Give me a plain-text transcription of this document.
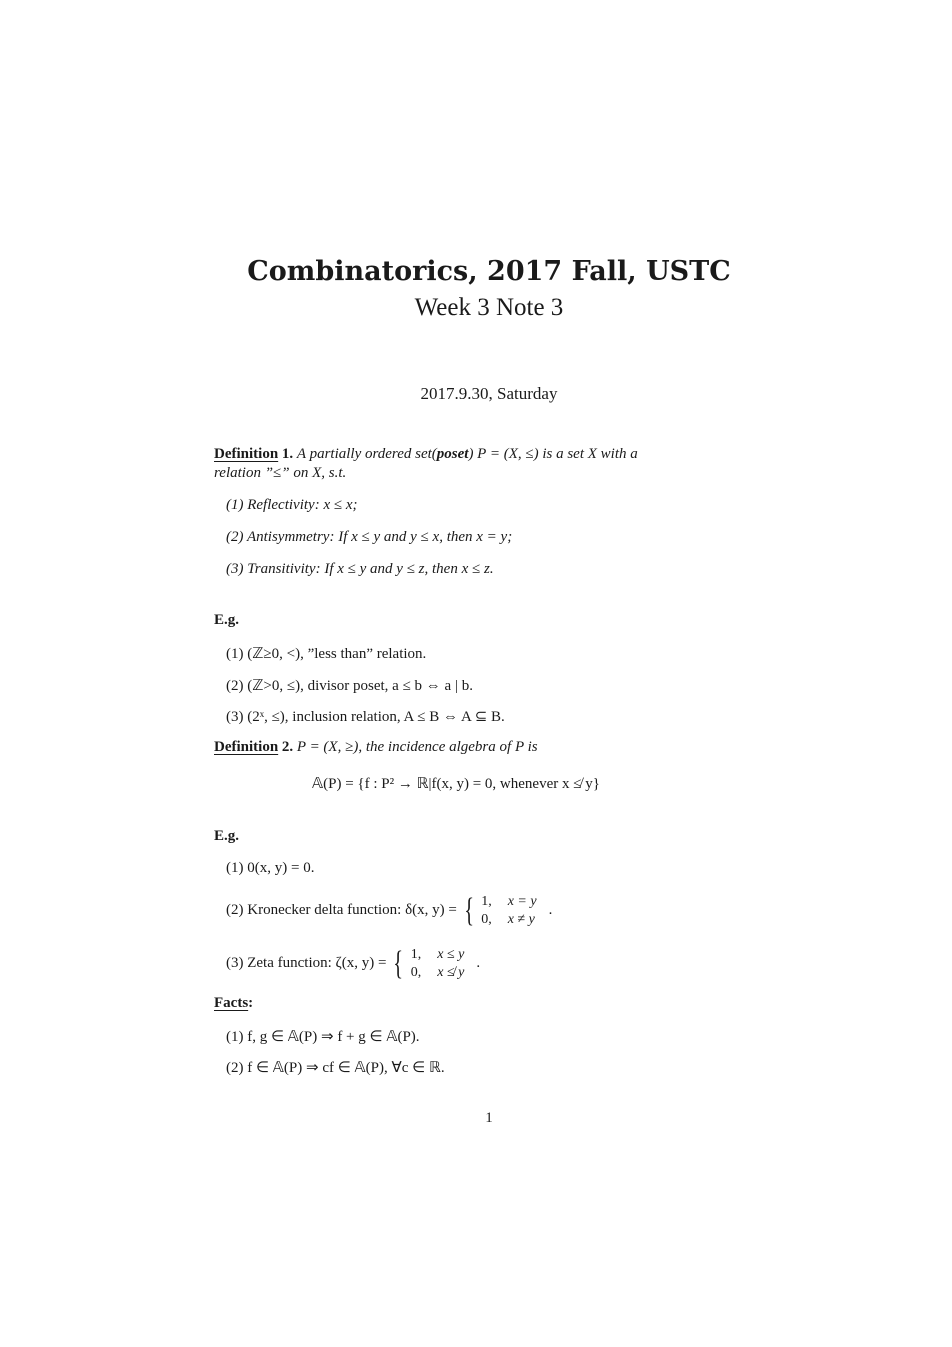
Combinatorics, 2017 Fall, USTC
Week 3 Note 3
2017.9.30, Saturday
Definition 1. A partially ordered set(poset) P = (X, ≤) is a set X with a
relation ”≤” on X, s.t.
(1) Reflectivity: x ≤ x;
(2) Antisymmetry: If x ≤ y and y ≤ x, then x = y;
(3) Transitivity: If x ≤ y and y ≤ z, then x ≤ z.
E.g.
(1) (ℤ≥0, <), ”less than” relation.
(2) (ℤ>0, ≤), divisor poset, a ≤ b ⇔ a | b.
(3) (2ˣ, ≤), inclusion relation, A ≤ B ⇔ A ⊆ B.
Definition 2. P = (X, ≥), the incidence algebra of P is
𝔸(P) = {f : P² → ℝ|f(x, y) = 0, whenever x ≰ y}
E.g.
(1) 0(x, y) = 0.
(2) Kronecker delta function: δ(x, y) = { 1,	x = y
0,	x ≠ y.
(3) Zeta function: ζ(x, y) = { 1,	x ≤ y
0,	x ≰ y.
Facts:
(1) f, g ∈ 𝔸(P) ⇒ f + g ∈ 𝔸(P).
(2) f ∈ 𝔸(P) ⇒ cf ∈ 𝔸(P), ∀c ∈ ℝ.
1
